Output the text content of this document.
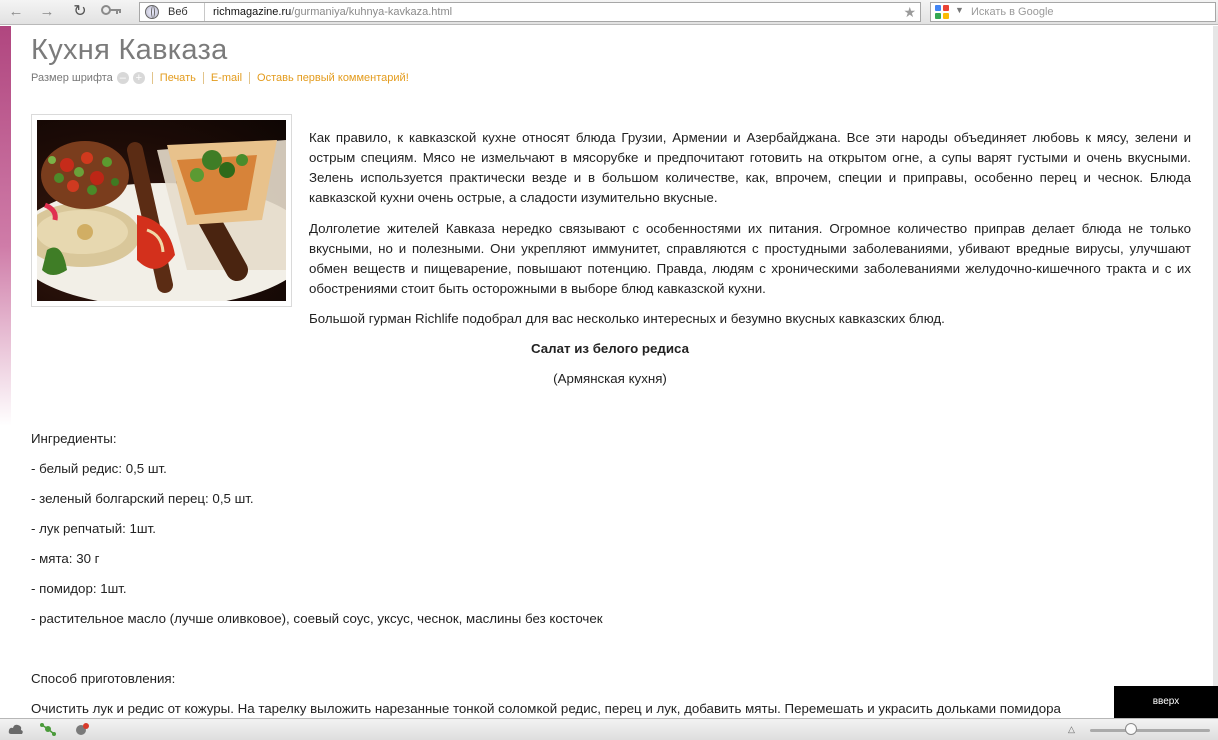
← → ↻	Веб richmagazine.ru/gurmaniya/kuhnya-kavkaza.html	★	▼ Искать в Google
Кухня Кавказа
Размер шрифта – + Печать E-mail Оставь первый комментарий!
Как правило, к кавказской кухне относят блюда Грузии, Армении и Азербайджана. Все эти народы объединяет любовь к мясу, зелени и острым специям. Мясо не измельчают в мясорубке и предпочитают готовить на открытом огне, а супы варят густыми и очень вкусными. Зелень используется практически везде и в большом количестве, как, впрочем, специи и приправы, особенно перец и чеснок. Блюда кавказской кухни очень острые, а сладости изумительно вкусные.
Долголетие жителей Кавказа нередко связывают с особенностями их питания. Огромное количество приправ делает блюда не только вкусными, но и полезными. Они укрепляют иммунитет, справляются с простудными заболеваниями, убивают вредные вирусы, улучшают обмен веществ и пищеварение, повышают потенцию. Правда, людям с хроническими заболеваниями желудочно-кишечного тракта и с их обострениями стоит быть осторожными в выборе блюд кавказской кухни.
Большой гурман Richlife подобрал для вас несколько интересных и безумно вкусных кавказских блюд.
Салат из белого редиса
(Армянская кухня)
Ингредиенты:
- белый редис: 0,5 шт.
- зеленый болгарский перец: 0,5 шт.
- лук репчатый: 1шт.
- мята: 30 г
- помидор: 1шт.
- растительное масло (лучше оливковое), соевый соус, уксус, чеснок, маслины без косточек
Способ приготовления:
Очистить лук и редис от кожуры. На тарелку выложить нарезанные тонкой соломкой редис, перец и лук, добавить мяты. Перемешать и украсить дольками помидора	вверх
△
